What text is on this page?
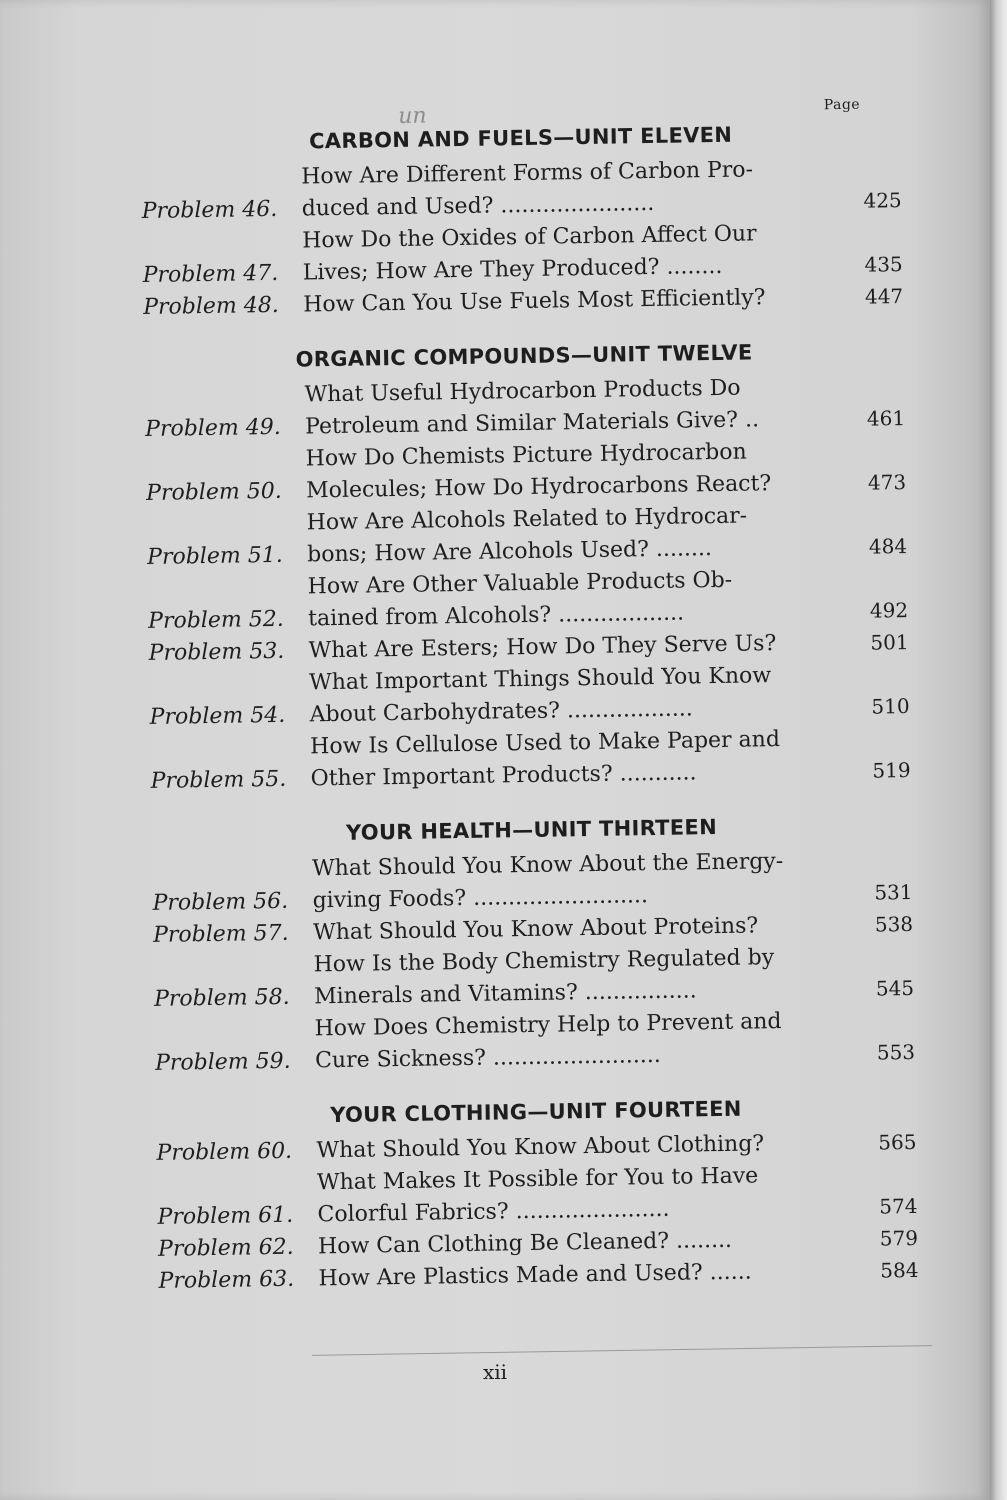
un	Page
CARBON AND FUELS—UNIT ELEVEN
Problem 46.
How Are Different Forms of Carbon Pro-
duced and Used? ......................	425
Problem 47.
How Do the Oxides of Carbon Affect Our
Lives; How Are They Produced? ........	435
Problem 48.	How Can You Use Fuels Most Efficiently?	447
ORGANIC COMPOUNDS—UNIT TWELVE
Problem 49.
What Useful Hydrocarbon Products Do
Petroleum and Similar Materials Give? ..	461
Problem 50.
How Do Chemists Picture Hydrocarbon
Molecules; How Do Hydrocarbons React?	473
Problem 51.
How Are Alcohols Related to Hydrocar-
bons; How Are Alcohols Used? ........	484
Problem 52.
How Are Other Valuable Products Ob-
tained from Alcohols? ..................	492
Problem 53.	What Are Esters; How Do They Serve Us?	501
Problem 54.
What Important Things Should You Know
About Carbohydrates? ..................	510
Problem 55.
How Is Cellulose Used to Make Paper and
Other Important Products? ...........	519
YOUR HEALTH—UNIT THIRTEEN
Problem 56.
What Should You Know About the Energy-
giving Foods? .........................	531
Problem 57.	What Should You Know About Proteins?	538
Problem 58.
How Is the Body Chemistry Regulated by
Minerals and Vitamins? ................	545
Problem 59.
How Does Chemistry Help to Prevent and
Cure Sickness? ........................	553
YOUR CLOTHING—UNIT FOURTEEN
Problem 60.	What Should You Know About Clothing?	565
Problem 61.
What Makes It Possible for You to Have
Colorful Fabrics? ......................	574
Problem 62.	How Can Clothing Be Cleaned? ........	579
Problem 63.	How Are Plastics Made and Used? ......	584
xii
